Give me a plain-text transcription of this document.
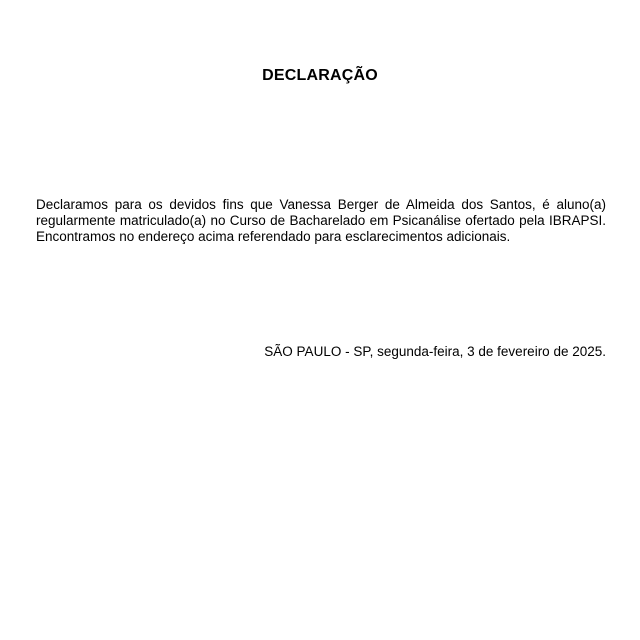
DECLARAÇÃO

Declaramos para os devidos fins que Vanessa Berger de Almeida dos Santos, é aluno(a) regularmente matriculado(a) no Curso de Bacharelado em Psicanálise ofertado pela IBRAPSI. Encontramos no endereço acima referendado para esclarecimentos adicionais.

SÃO PAULO - SP, segunda-feira, 3 de fevereiro de 2025.
